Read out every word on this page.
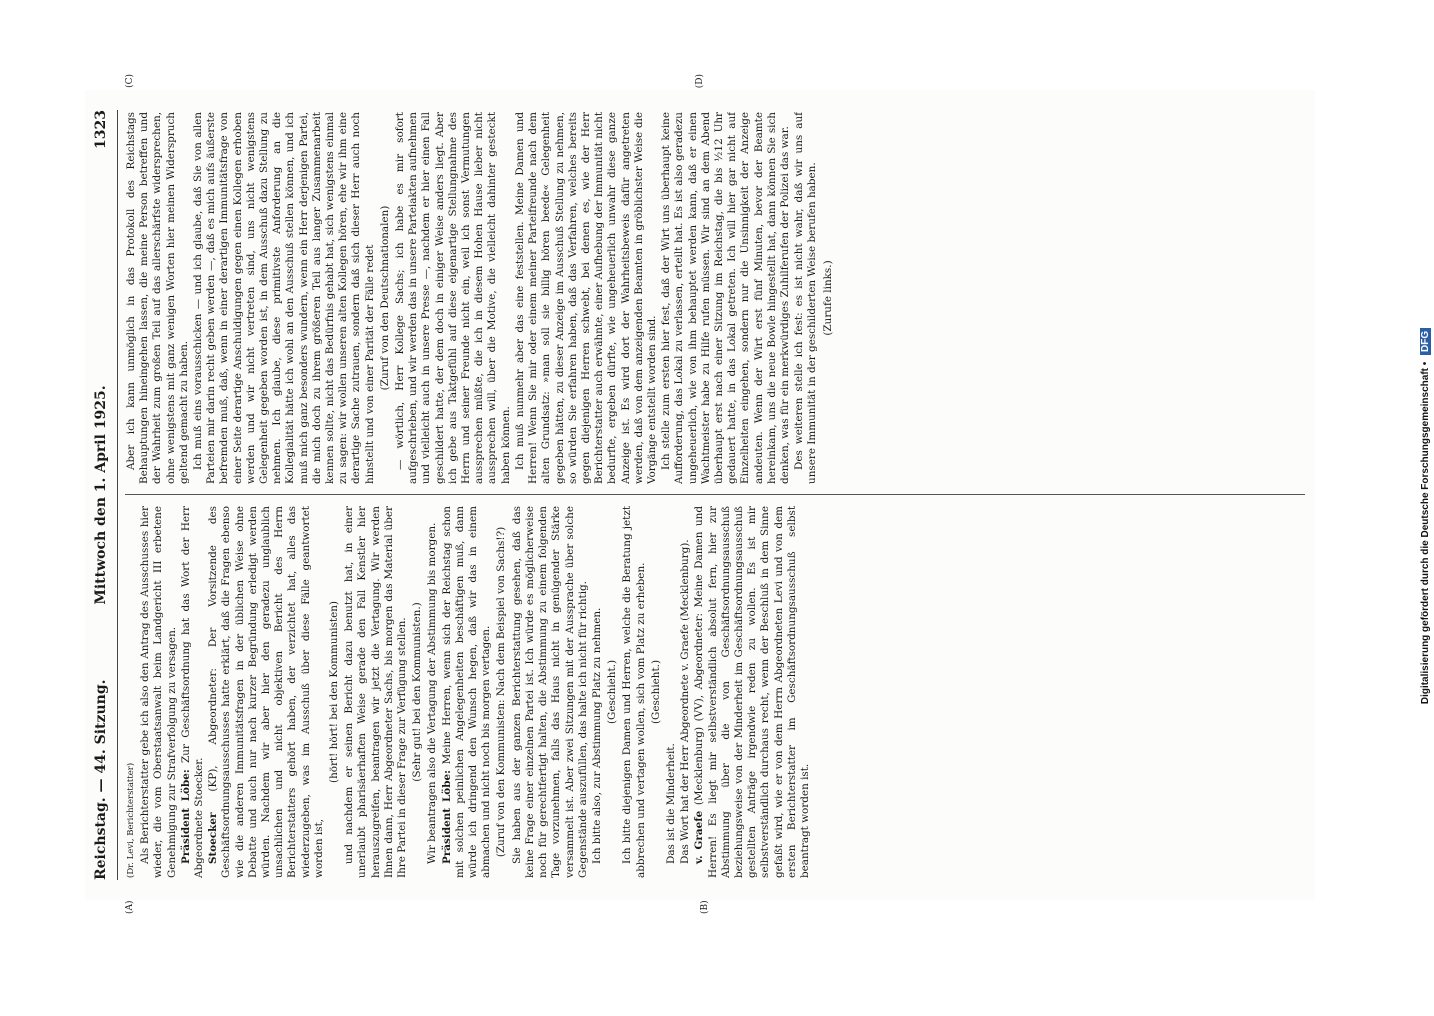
Reichstag. — 44. Sitzung.
Mittwoch den 1. April 1925.
1323
(A)	(B)
(C)	(D)

(Dr. Levi, Berichterstatter) Als Berichterstatter gebe ich also den Antrag des Ausschusses hier wieder, die vom Oberstaatsanwalt beim Landgericht III erbetene Genehmigung zur Strafverfolgung zu versagen. Präsident Löbe: Zur Geschäftsordnung hat das Wort der Herr Abgeordnete Stoecker. Stoecker (KP), Abgeordneter: Der Vorsitzende des Geschäftsordnungsausschusses hatte erklärt, daß die Fragen ebenso wie die anderen Immunitätsfragen in der üblichen Weise ohne Debatte und auch nur nach kurzer Begründung erledigt werden würden. Nachdem wir aber hier den geradezu unglaublich unsachlichen und nicht objektiven Bericht des Herrn Berichterstatters gehört haben, der verzichtet hat, alles das wiederzugeben, was im Ausschuß über diese Fälle geantwortet worden ist,

(hört! hört! bei den Kommunisten) und nachdem er seinen Bericht dazu benutzt hat, in einer unerlaubt pharisäerhaften Weise gerade den Fall Kenstler hier herauszugreifen, beantragen wir jetzt die Vertagung. Wir werden Ihnen dann, Herr Abgeordneter Sachs, bis morgen das Material über Ihre Partei in dieser Frage zur Verfügung stellen. (Sehr gut! bei den Kommunisten.) Wir beantragen also die Vertagung der Abstimmung bis morgen. Präsident Löbe: Meine Herren, wenn sich der Reichstag schon mit solchen peinlichen Angelegenheiten beschäftigen muß, dann würde ich dringend den Wunsch hegen, daß wir das in einem abmachen und nicht noch bis morgen vertagen. (Zuruf von den Kommunisten: Nach dem Beispiel von Sachs!?) Sie haben aus der ganzen Berichterstattung gesehen, daß das keine Frage einer einzelnen Partei ist. Ich würde es möglicherweise noch für gerechtfertigt halten, die Abstimmung zu einem folgenden Tage vorzunehmen, falls das Haus nicht in genügender Stärke versammelt ist. Aber zwei Sitzungen mit der Aussprache über solche Gegenstände auszufüllen, das halte ich nicht für richtig. Ich bitte also, zur Abstimmung Platz zu nehmen. (Geschieht.) Ich bitte diejenigen Damen und Herren, welche die Beratung jetzt abbrechen und vertagen wollen, sich vom Platz zu erheben. (Geschieht.)

Das ist die Minderheit. Das Wort hat der Herr Abgeordnete v. Graefe (Mecklenburg). v. Graefe (Mecklenburg) (VV), Abgeordneter: Meine Damen und Herren! Es liegt mir selbstverständlich absolut fern, hier zur Abstimmung über die von Geschäftsordnungsausschuß beziehungsweise von der Minderheit im Geschäftsordnungsausschuß gestellten Anträge irgendwie reden zu wollen. Es ist mir selbstverständlich durchaus recht, wenn der Beschluß in dem Sinne gefaßt wird, wie er von dem Herrn Abgeordneten Levi und von dem ersten Berichterstatter im Geschäftsordnungsausschuß selbst beantragt worden ist.

Aber ich kann unmöglich in das Protokoll des Reichstags Behauptungen hineingehen lassen, die meine Person betreffen und der Wahrheit zum großen Teil auf das allerschärfste widersprechen, ohne wenigstens mit ganz wenigen Worten hier meinen Widerspruch geltend gemacht zu haben. Ich muß eins vorausschicken — und ich glaube, daß Sie von allen Parteien mir darin recht geben werden —, daß es mich aufs äußerste befremden muß, daß, wenn in einer derartigen Immunitätsfrage von einer Seite derartige Anschuldigungen gegen einen Kollegen erhoben werden und wir nicht vertreten sind, uns nicht wenigstens Gelegenheit gegeben worden ist, in dem Ausschuß dazu Stellung zu nehmen. Ich glaube, diese primitivste Anforderung an die Kollegialität hätte ich wohl an den Ausschuß stellen können, und ich muß mich ganz besonders wundern, wenn ein Herr derjenigen Partei, die mich doch zu ihrem größeren Teil aus langer Zusammenarbeit kennen sollte, nicht das Bedürfnis gehabt hat, sich wenigstens einmal zu sagen: wir wollen unseren alten Kollegen hören, ehe wir ihm eine derartige Sache zutrauen, sondern daß sich dieser Herr auch noch hinstellt und von einer Parität der Fälle redet (Zuruf von den Deutschnationalen) — wörtlich, Herr Kollege Sachs; ich habe es mir sofort aufgeschrieben, und wir werden das in unsere Parteiakten aufnehmen und vielleicht auch in unsere Presse —, nachdem er hier einen Fall geschildert hatte, der dem doch in einiger Weise anders liegt. Aber ich gebe aus Taktgefühl auf diese eigenartige Stellungnahme des Herrn und seiner Freunde nicht ein, weil ich sonst Vermutungen aussprechen müßte, die ich in diesem Hohen Hause lieber nicht aussprechen will, über die Motive, die vielleicht dahinter gesteckt haben können. Ich muß nunmehr aber das eine feststellen. Meine Damen und Herren! Wenn Sie mir oder einem meiner Parteifreunde nach dem alten Grundsatz: »man soll sie billig hören beede« Gelegenheit gegeben hätten, zu dieser Anzeige im Ausschuß Stellung zu nehmen, so würden Sie erfahren haben, daß das Verfahren, welches bereits gegen diejenigen Herren schwebt, bei denen es, wie der Herr Berichterstatter auch erwähnte, einer Aufhebung der Immunität nicht bedurfte, ergeben dürfte, wie ungeheuerlich unwahr diese ganze Anzeige ist. Es wird dort der Wahrheitsbeweis dafür angetreten werden, daß von dem anzeigenden Beamten in gröblichster Weise die Vorgänge entstellt worden sind. Ich stelle zum ersten hier fest, daß der Wirt uns überhaupt keine Aufforderung, das Lokal zu verlassen, erteilt hat. Es ist also geradezu ungeheuerlich, wie von ihm behauptet werden kann, daß er einen Wachtmeister habe zu Hilfe rufen müssen. Wir sind an dem Abend überhaupt erst nach einer Sitzung im Reichstag, die bis ½12 Uhr gedauert hatte, in das Lokal getreten. Ich will hier gar nicht auf Einzelheiten eingehen, sondern nur die Unsinnigkeit der Anzeige andeuten. Wenn der Wirt erst fünf Minuten, bevor der Beamte hereinkam, uns die neue Bowle hingestellt hat, dann können Sie sich denken, was für ein merkwürdiges Zuhilferufen der Polizei das war. Des weiteren stelle ich fest: es ist nicht wahr, daß wir uns auf unsere Immunität in der geschilderten Weise berufen haben. (Zurufe links.)

Digitalisierung gefördert durch die Deutsche Forschungsgemeinschaft • DFG
